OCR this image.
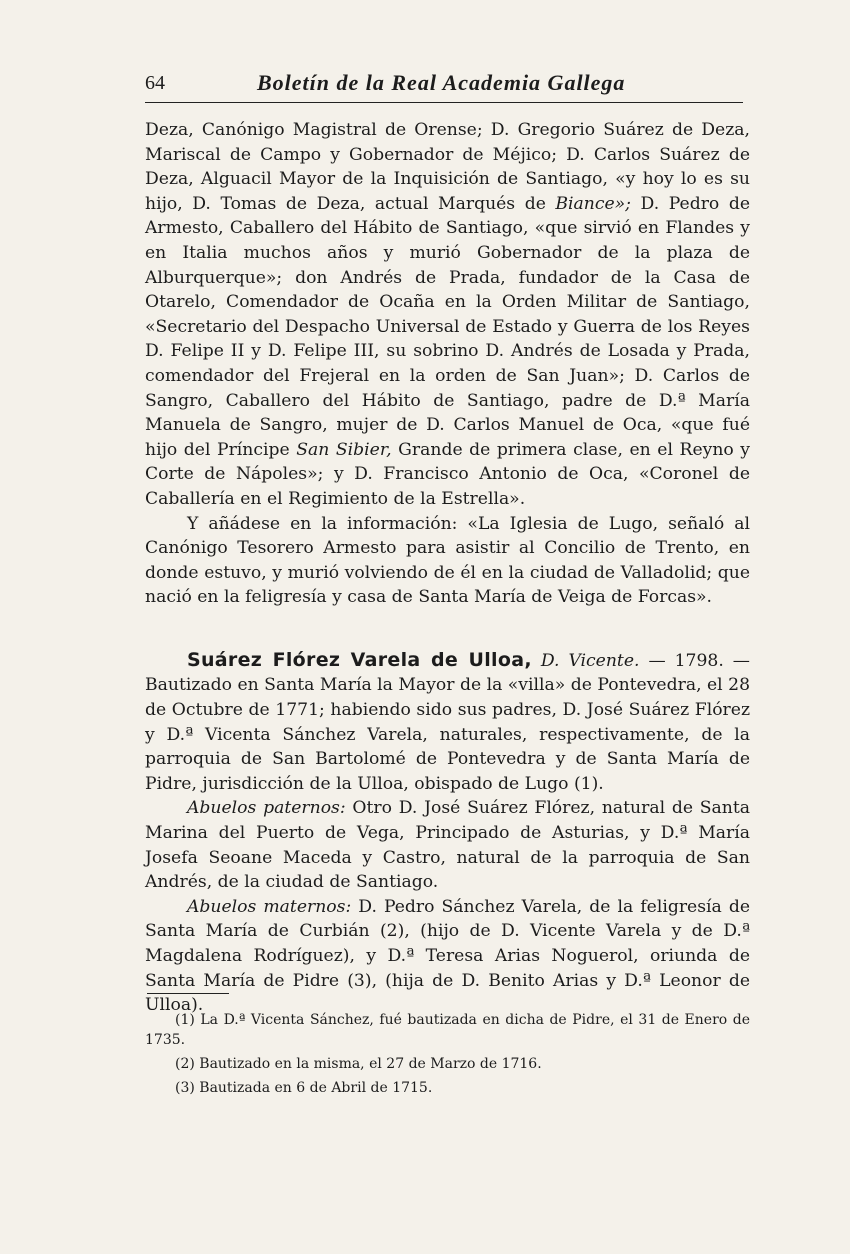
64	Boletín de la Real Academia Gallega

Deza, Canónigo Magistral de Orense; D. Gregorio Suárez de Deza, Mariscal de Campo y Gobernador de Méjico; D. Carlos Suárez de Deza, Alguacil Mayor de la Inquisición de Santiago, «y hoy lo es su hijo, D. Tomas de Deza, actual Marqués de Biance»; D. Pedro de Armesto, Caballero del Hábito de Santiago, «que sirvió en Flandes y en Italia muchos años y murió Gobernador de la plaza de Alburquerque»; don Andrés de Prada, fundador de la Casa de Otarelo, Comendador de Ocaña en la Orden Militar de Santiago, «Secretario del Despacho Universal de Estado y Guerra de los Reyes D. Felipe II y D. Felipe III, su sobrino D. Andrés de Losada y Prada, comendador del Frejeral en la orden de San Juan»; D. Carlos de Sangro, Caballero del Hábito de Santiago, padre de D.ª María Manuela de Sangro, mujer de D. Carlos Manuel de Oca, «que fué hijo del Príncipe San Sibier, Grande de primera clase, en el Reyno y Corte de Nápoles»; y D. Francisco Antonio de Oca, «Coronel de Caballería en el Regimiento de la Estrella».

Y añádese en la información: «La Iglesia de Lugo, señaló al Canónigo Tesorero Armesto para asistir al Concilio de Trento, en donde estuvo, y murió volviendo de él en la ciudad de Valladolid; que nació en la feligresía y casa de Santa María de Veiga de Forcas».

Suárez Flórez Varela de Ulloa, D. Vicente. — 1798. — Bautizado en Santa María la Mayor de la «villa» de Pontevedra, el 28 de Octubre de 1771; habiendo sido sus padres, D. José Suárez Flórez y D.ª Vicenta Sánchez Varela, naturales, respectivamente, de la parroquia de San Bartolomé de Pontevedra y de Santa María de Pidre, jurisdicción de la Ulloa, obispado de Lugo (1).

Abuelos paternos: Otro D. José Suárez Flórez, natural de Santa Marina del Puerto de Vega, Principado de Asturias, y D.ª María Josefa Seoane Maceda y Castro, natural de la parroquia de San Andrés, de la ciudad de Santiago.

Abuelos maternos: D. Pedro Sánchez Varela, de la feligresía de Santa María de Curbián (2), (hijo de D. Vicente Varela y de D.ª Magdalena Rodríguez), y D.ª Teresa Arias Noguerol, oriunda de Santa María de Pidre (3), (hija de D. Benito Arias y D.ª Leonor de Ulloa).

(1) La D.ª Vicenta Sánchez, fué bautizada en dicha de Pidre, el 31 de Enero de 1735.

(2) Bautizado en la misma, el 27 de Marzo de 1716.

(3) Bautizada en 6 de Abril de 1715.
